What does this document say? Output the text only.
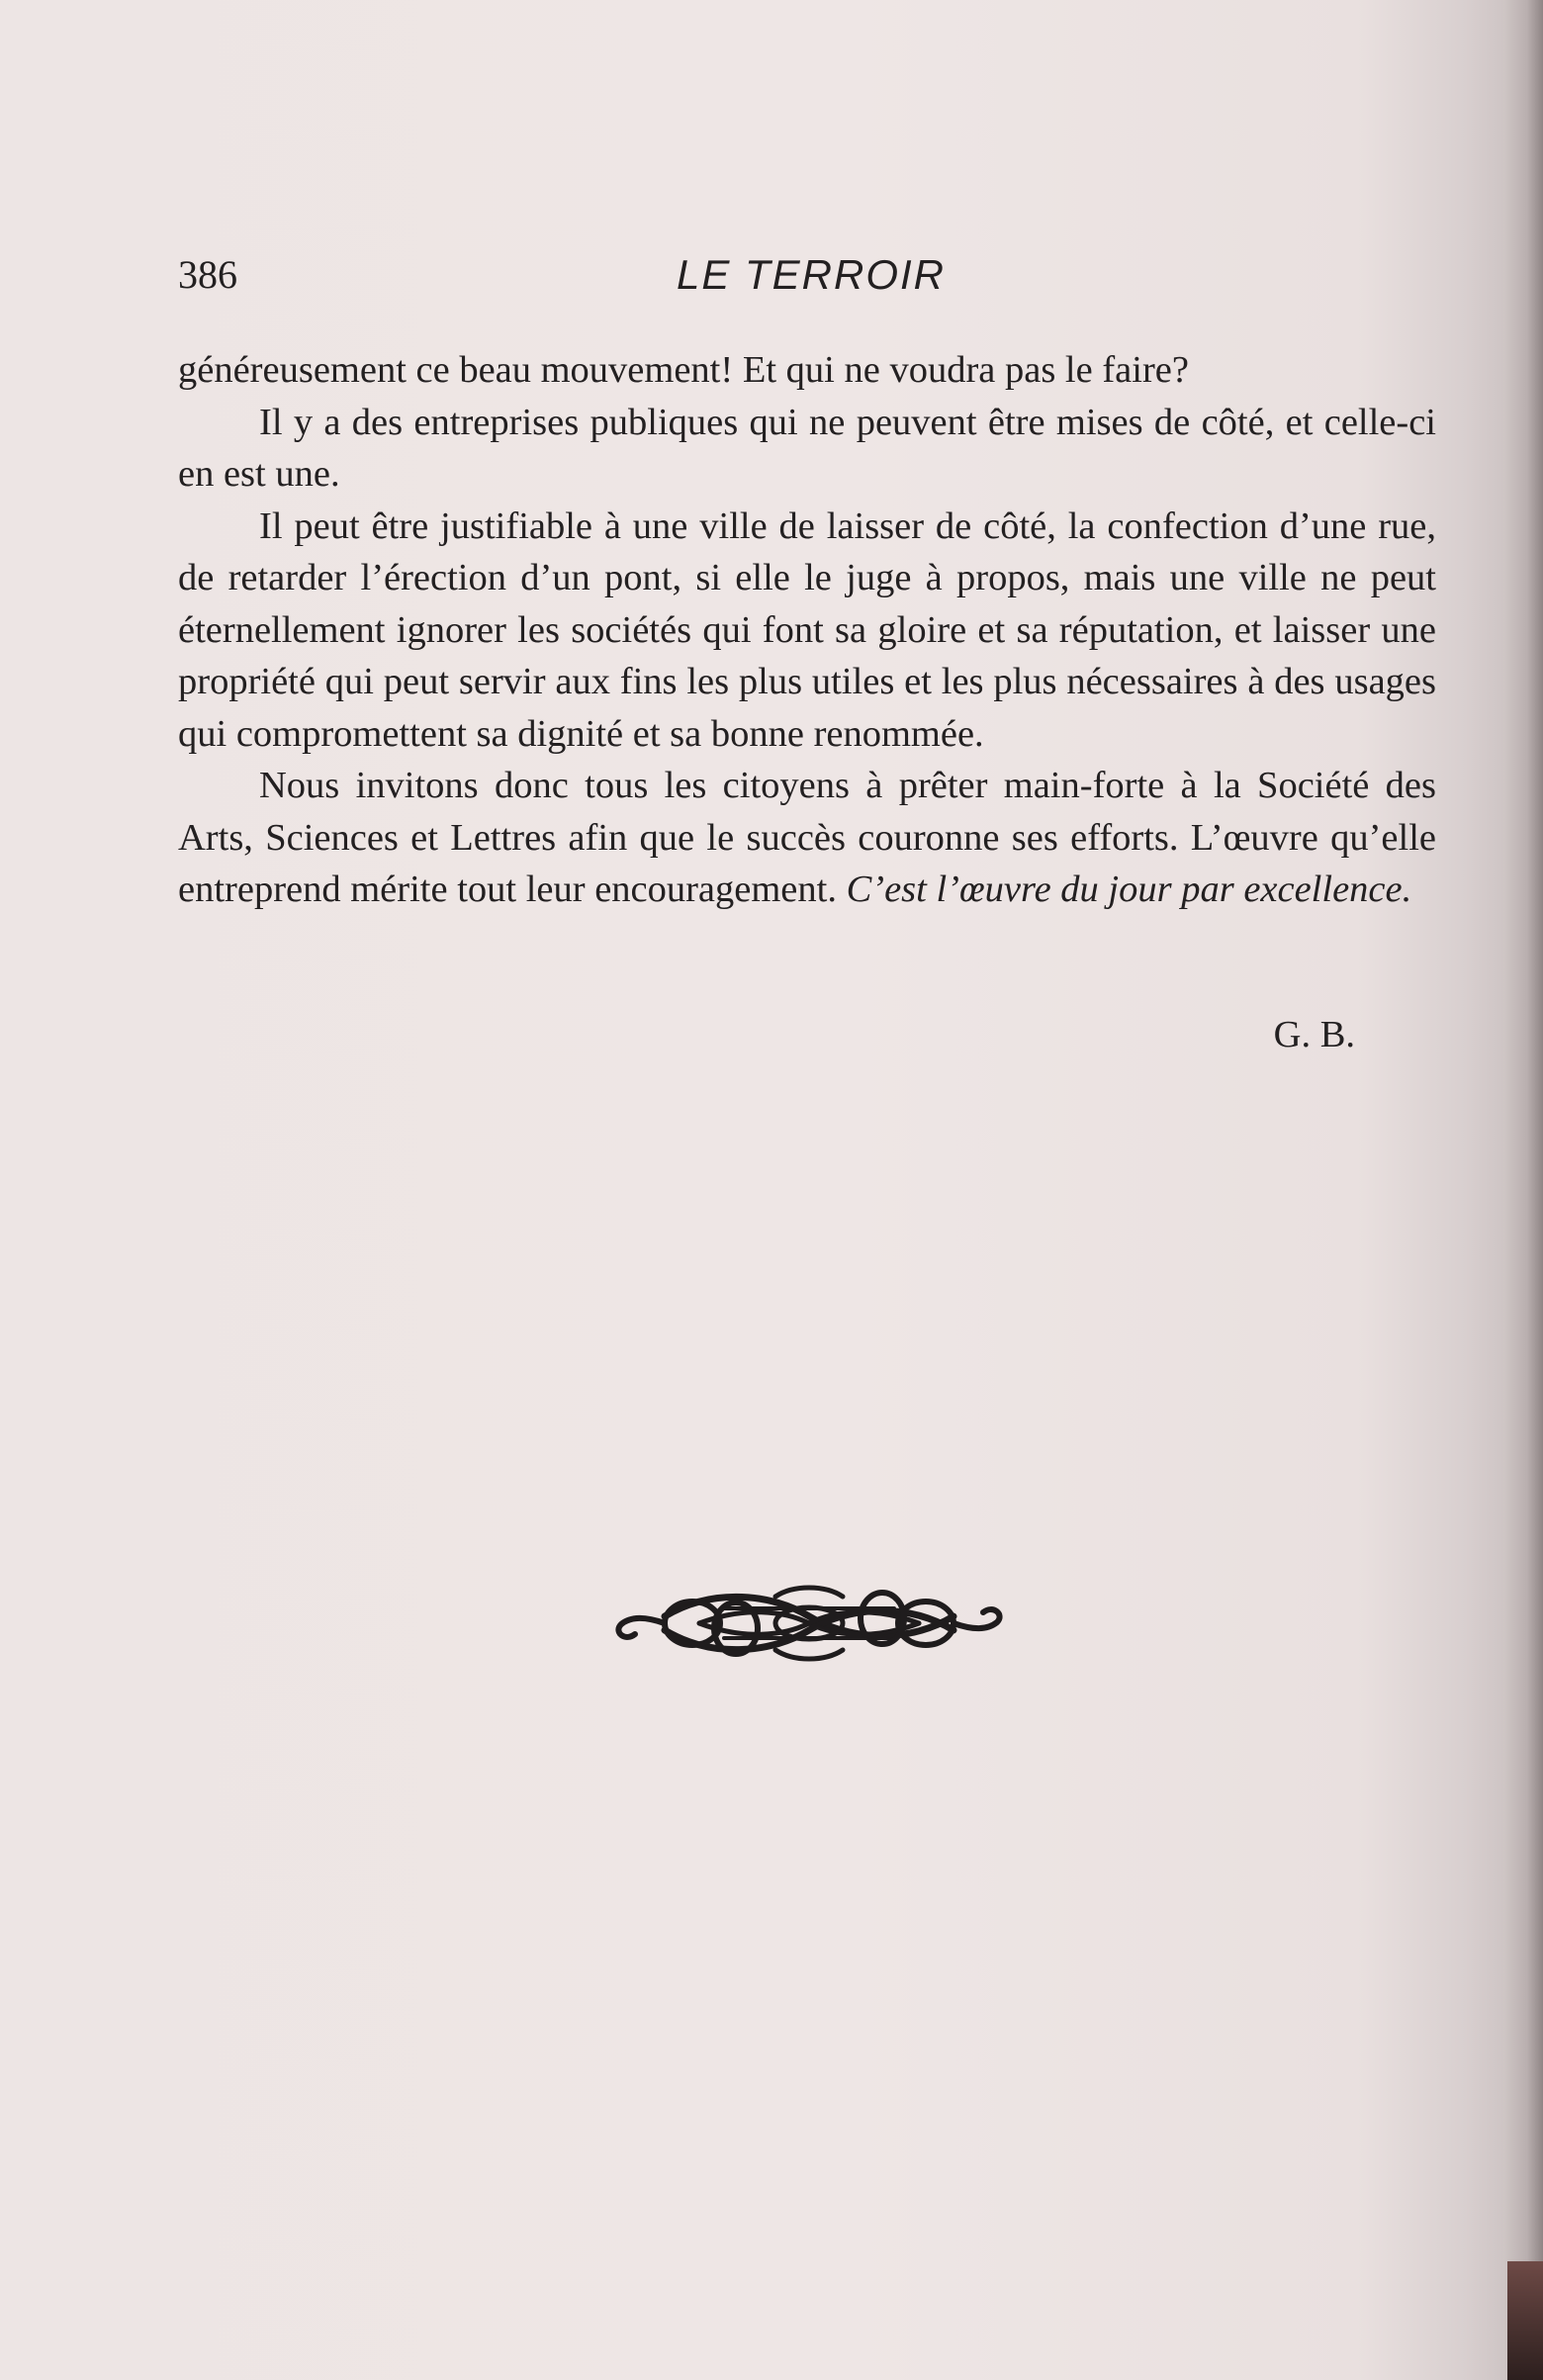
386	LE TERROIR

généreusement ce beau mouvement! Et qui ne voudra pas le faire?

Il y a des entreprises publiques qui ne peuvent être mises de côté, et celle-ci en est une.

Il peut être justifiable à une ville de laisser de côté, la confection d’une rue, de retarder l’érection d’un pont, si elle le juge à propos, mais une ville ne peut éternellement ignorer les sociétés qui font sa gloire et sa réputation, et laisser une propriété qui peut servir aux fins les plus utiles et les plus nécessaires à des usages qui compromettent sa dignité et sa bonne renommée.

Nous invitons donc tous les citoyens à prêter main-forte à la Société des Arts, Sciences et Lettres afin que le succès couronne ses efforts. L’œuvre qu’elle entreprend mérite tout leur encouragement. C’est l’œuvre du jour par excellence.

G. B.
